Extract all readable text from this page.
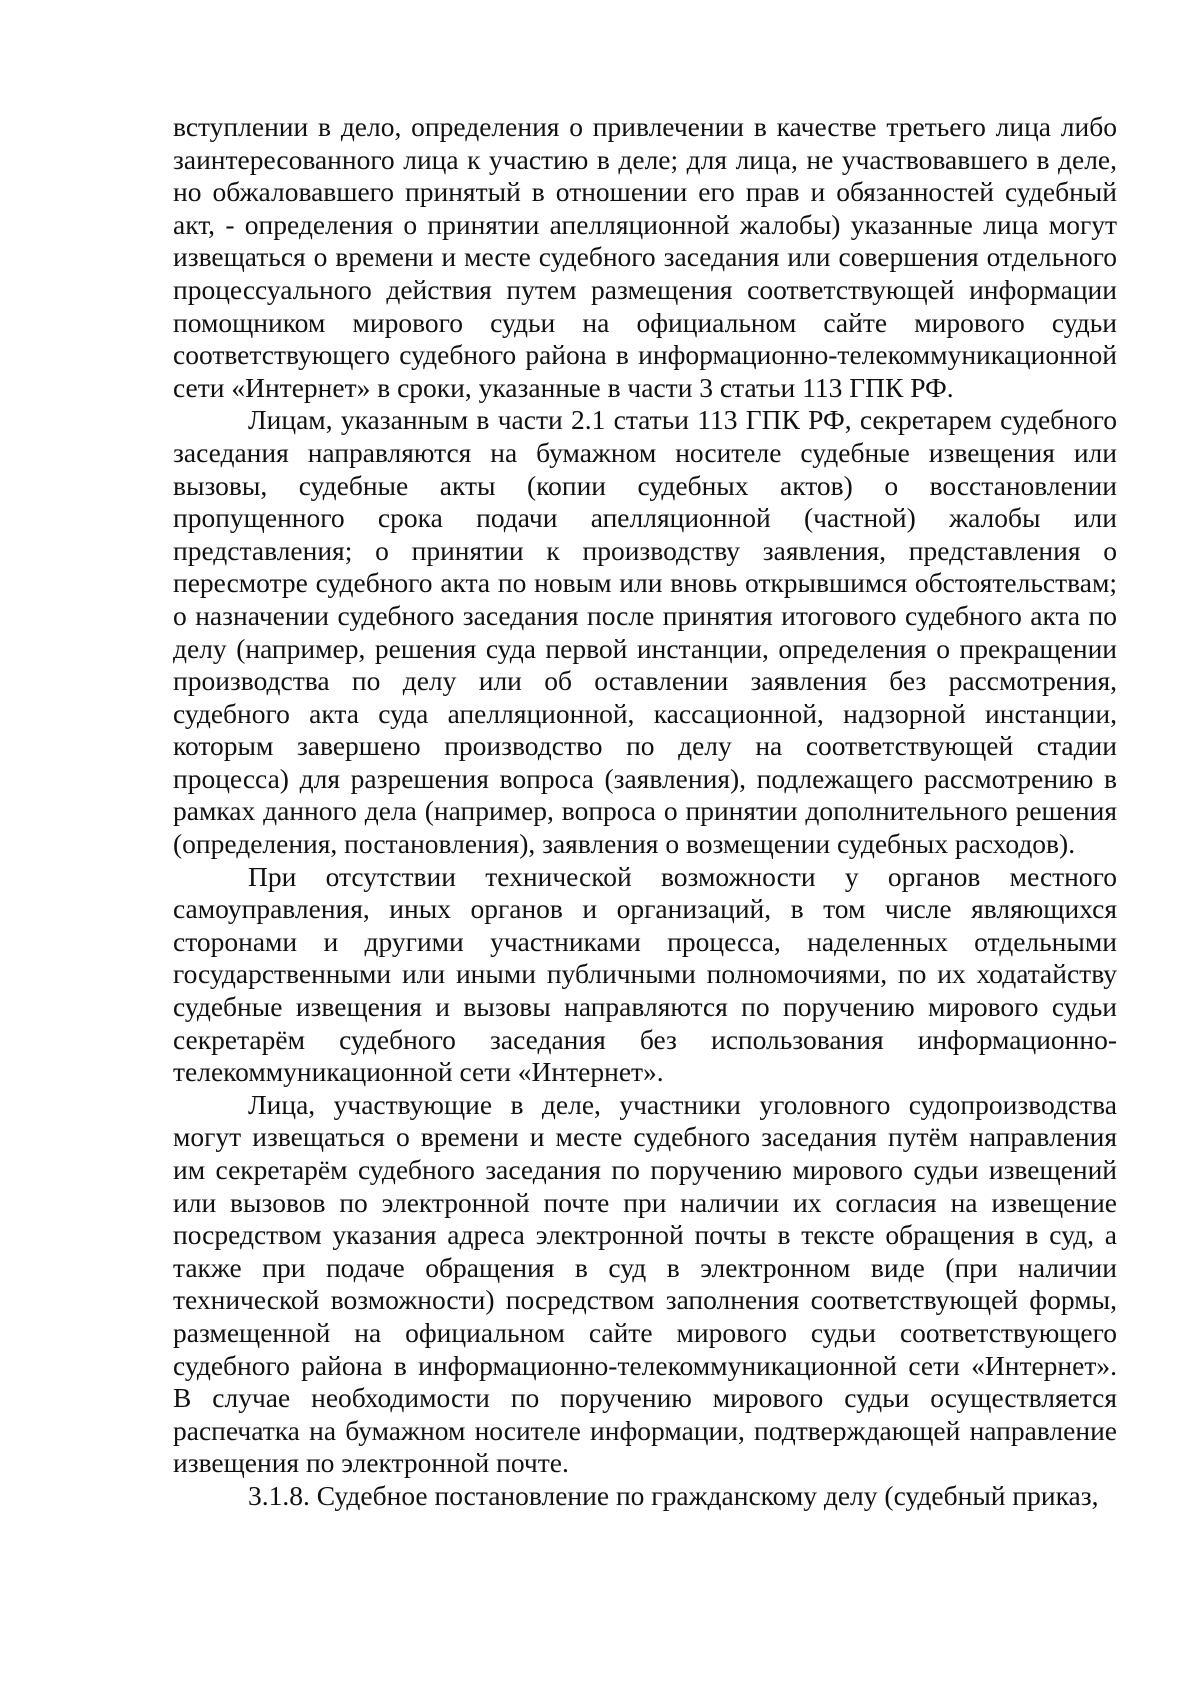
вступлении в дело, определения о привлечении в качестве третьего лица либо заинтересованного лица к участию в деле; для лица, не участвовавшего в деле, но обжаловавшего принятый в отношении его прав и обязанностей судебный акт, - определения о принятии апелляционной жалобы) указанные лица могут извещаться о времени и месте судебного заседания или совершения отдельного процессуального действия путем размещения соответствующей информации помощником мирового судьи на официальном сайте мирового судьи соответствующего судебного района в информационно-телекоммуникационной сети «Интернет» в сроки, указанные в части 3 статьи 113 ГПК РФ.

Лицам, указанным в части 2.1 статьи 113 ГПК РФ, секретарем судебного заседания направляются на бумажном носителе судебные извещения или вызовы, судебные акты (копии судебных актов) о восстановлении пропущенного срока подачи апелляционной (частной) жалобы или представления; о принятии к производству заявления, представления о пересмотре судебного акта по новым или вновь открывшимся обстоятельствам; о назначении судебного заседания после принятия итогового судебного акта по делу (например, решения суда первой инстанции, определения о прекращении производства по делу или об оставлении заявления без рассмотрения, судебного акта суда апелляционной, кассационной, надзорной инстанции, которым завершено производство по делу на соответствующей стадии процесса) для разрешения вопроса (заявления), подлежащего рассмотрению в рамках данного дела (например, вопроса о принятии дополнительного решения (определения, постановления), заявления о возмещении судебных расходов).

При отсутствии технической возможности у органов местного самоуправления, иных органов и организаций, в том числе являющихся сторонами и другими участниками процесса, наделенных отдельными государственными или иными публичными полномочиями, по их ходатайству судебные извещения и вызовы направляются по поручению мирового судьи секретарём судебного заседания без использования информационно-телекоммуникационной сети «Интернет».

Лица, участвующие в деле, участники уголовного судопроизводства могут извещаться о времени и месте судебного заседания путём направления им секретарём судебного заседания по поручению мирового судьи извещений или вызовов по электронной почте при наличии их согласия на извещение посредством указания адреса электронной почты в тексте обращения в суд, а также при подаче обращения в суд в электронном виде (при наличии технической возможности) посредством заполнения соответствующей формы, размещенной на официальном сайте мирового судьи соответствующего судебного района в информационно-телекоммуникационной сети «Интернет». В случае необходимости по поручению мирового судьи осуществляется распечатка на бумажном носителе информации, подтверждающей направление извещения по электронной почте.

3.1.8. Судебное постановление по гражданскому делу (судебный приказ,
